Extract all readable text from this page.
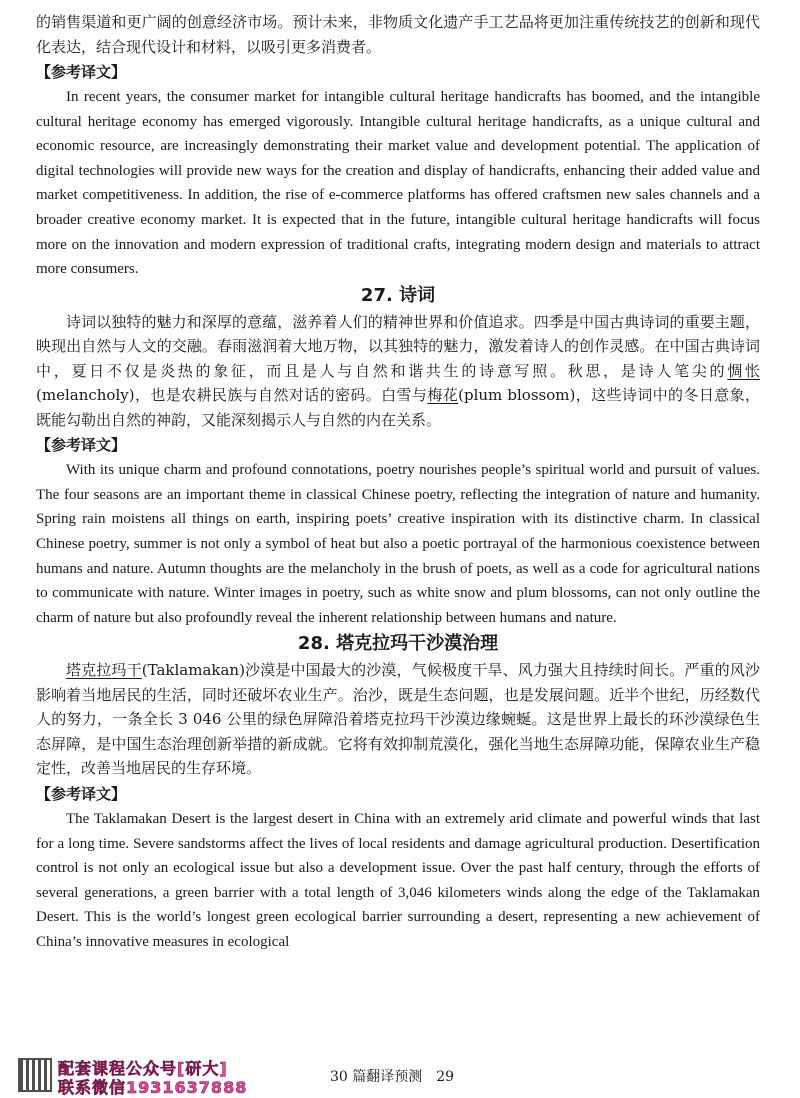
的销售渠道和更广阔的创意经济市场。预计未来，非物质文化遗产手工艺品将更加注重传统技艺的创新和现代化表达，结合现代设计和材料，以吸引更多消费者。

【参考译文】

In recent years, the consumer market for intangible cultural heritage handicrafts has boomed, and the intangible cultural heritage economy has emerged vigorously. Intangible cultural heritage handicrafts, as a unique cultural and economic resource, are increasingly demonstrating their market value and development potential. The application of digital technologies will provide new ways for the creation and display of handicrafts, enhancing their added value and market competitiveness. In addition, the rise of e-commerce platforms has offered craftsmen new sales channels and a broader creative economy market. It is expected that in the future, intangible cultural heritage handicrafts will focus more on the innovation and modern expression of traditional crafts, integrating modern design and materials to attract more consumers.

27. 诗词

诗词以独特的魅力和深厚的意蕴，滋养着人们的精神世界和价值追求。四季是中国古典诗词的重要主题，映现出自然与人文的交融。春雨滋润着大地万物，以其独特的魅力，激发着诗人的创作灵感。在中国古典诗词中，夏日不仅是炎热的象征，而且是人与自然和谐共生的诗意写照。秋思，是诗人笔尖的惆怅(melancholy)，也是农耕民族与自然对话的密码。白雪与梅花(plum blossom)，这些诗词中的冬日意象，既能勾勒出自然的神韵，又能深刻揭示人与自然的内在关系。

【参考译文】

With its unique charm and profound connotations, poetry nourishes people’s spiritual world and pursuit of values. The four seasons are an important theme in classical Chinese poetry, reflecting the integration of nature and humanity. Spring rain moistens all things on earth, inspiring poets’ creative inspiration with its distinctive charm. In classical Chinese poetry, summer is not only a symbol of heat but also a poetic portrayal of the harmonious coexistence between humans and nature. Autumn thoughts are the melancholy in the brush of poets, as well as a code for agricultural nations to communicate with nature. Winter images in poetry, such as white snow and plum blossoms, can not only outline the charm of nature but also profoundly reveal the inherent relationship between humans and nature.

28. 塔克拉玛干沙漠治理

塔克拉玛干(Taklamakan)沙漠是中国最大的沙漠，气候极度干旱、风力强大且持续时间长。严重的风沙影响着当地居民的生活，同时还破坏农业生产。治沙，既是生态问题，也是发展问题。近半个世纪，历经数代人的努力，一条全长 3 046 公里的绿色屏障沿着塔克拉玛干沙漠边缘蜿蜒。这是世界上最长的环沙漠绿色生态屏障，是中国生态治理创新举措的新成就。它将有效抑制荒漠化，强化当地生态屏障功能，保障农业生产稳定性，改善当地居民的生存环境。

【参考译文】

The Taklamakan Desert is the largest desert in China with an extremely arid climate and powerful winds that last for a long time. Severe sandstorms affect the lives of local residents and damage agricultural production. Desertification control is not only an ecological issue but also a development issue. Over the past half century, through the efforts of several generations, a green barrier with a total length of 3,046 kilometers winds along the edge of the Taklamakan Desert. This is the world’s longest green ecological barrier surrounding a desert, representing a new achievement of China’s innovative measures in ecological

配套课程公众号[研大]
联系微信1931637888
30 篇翻译预测 29
